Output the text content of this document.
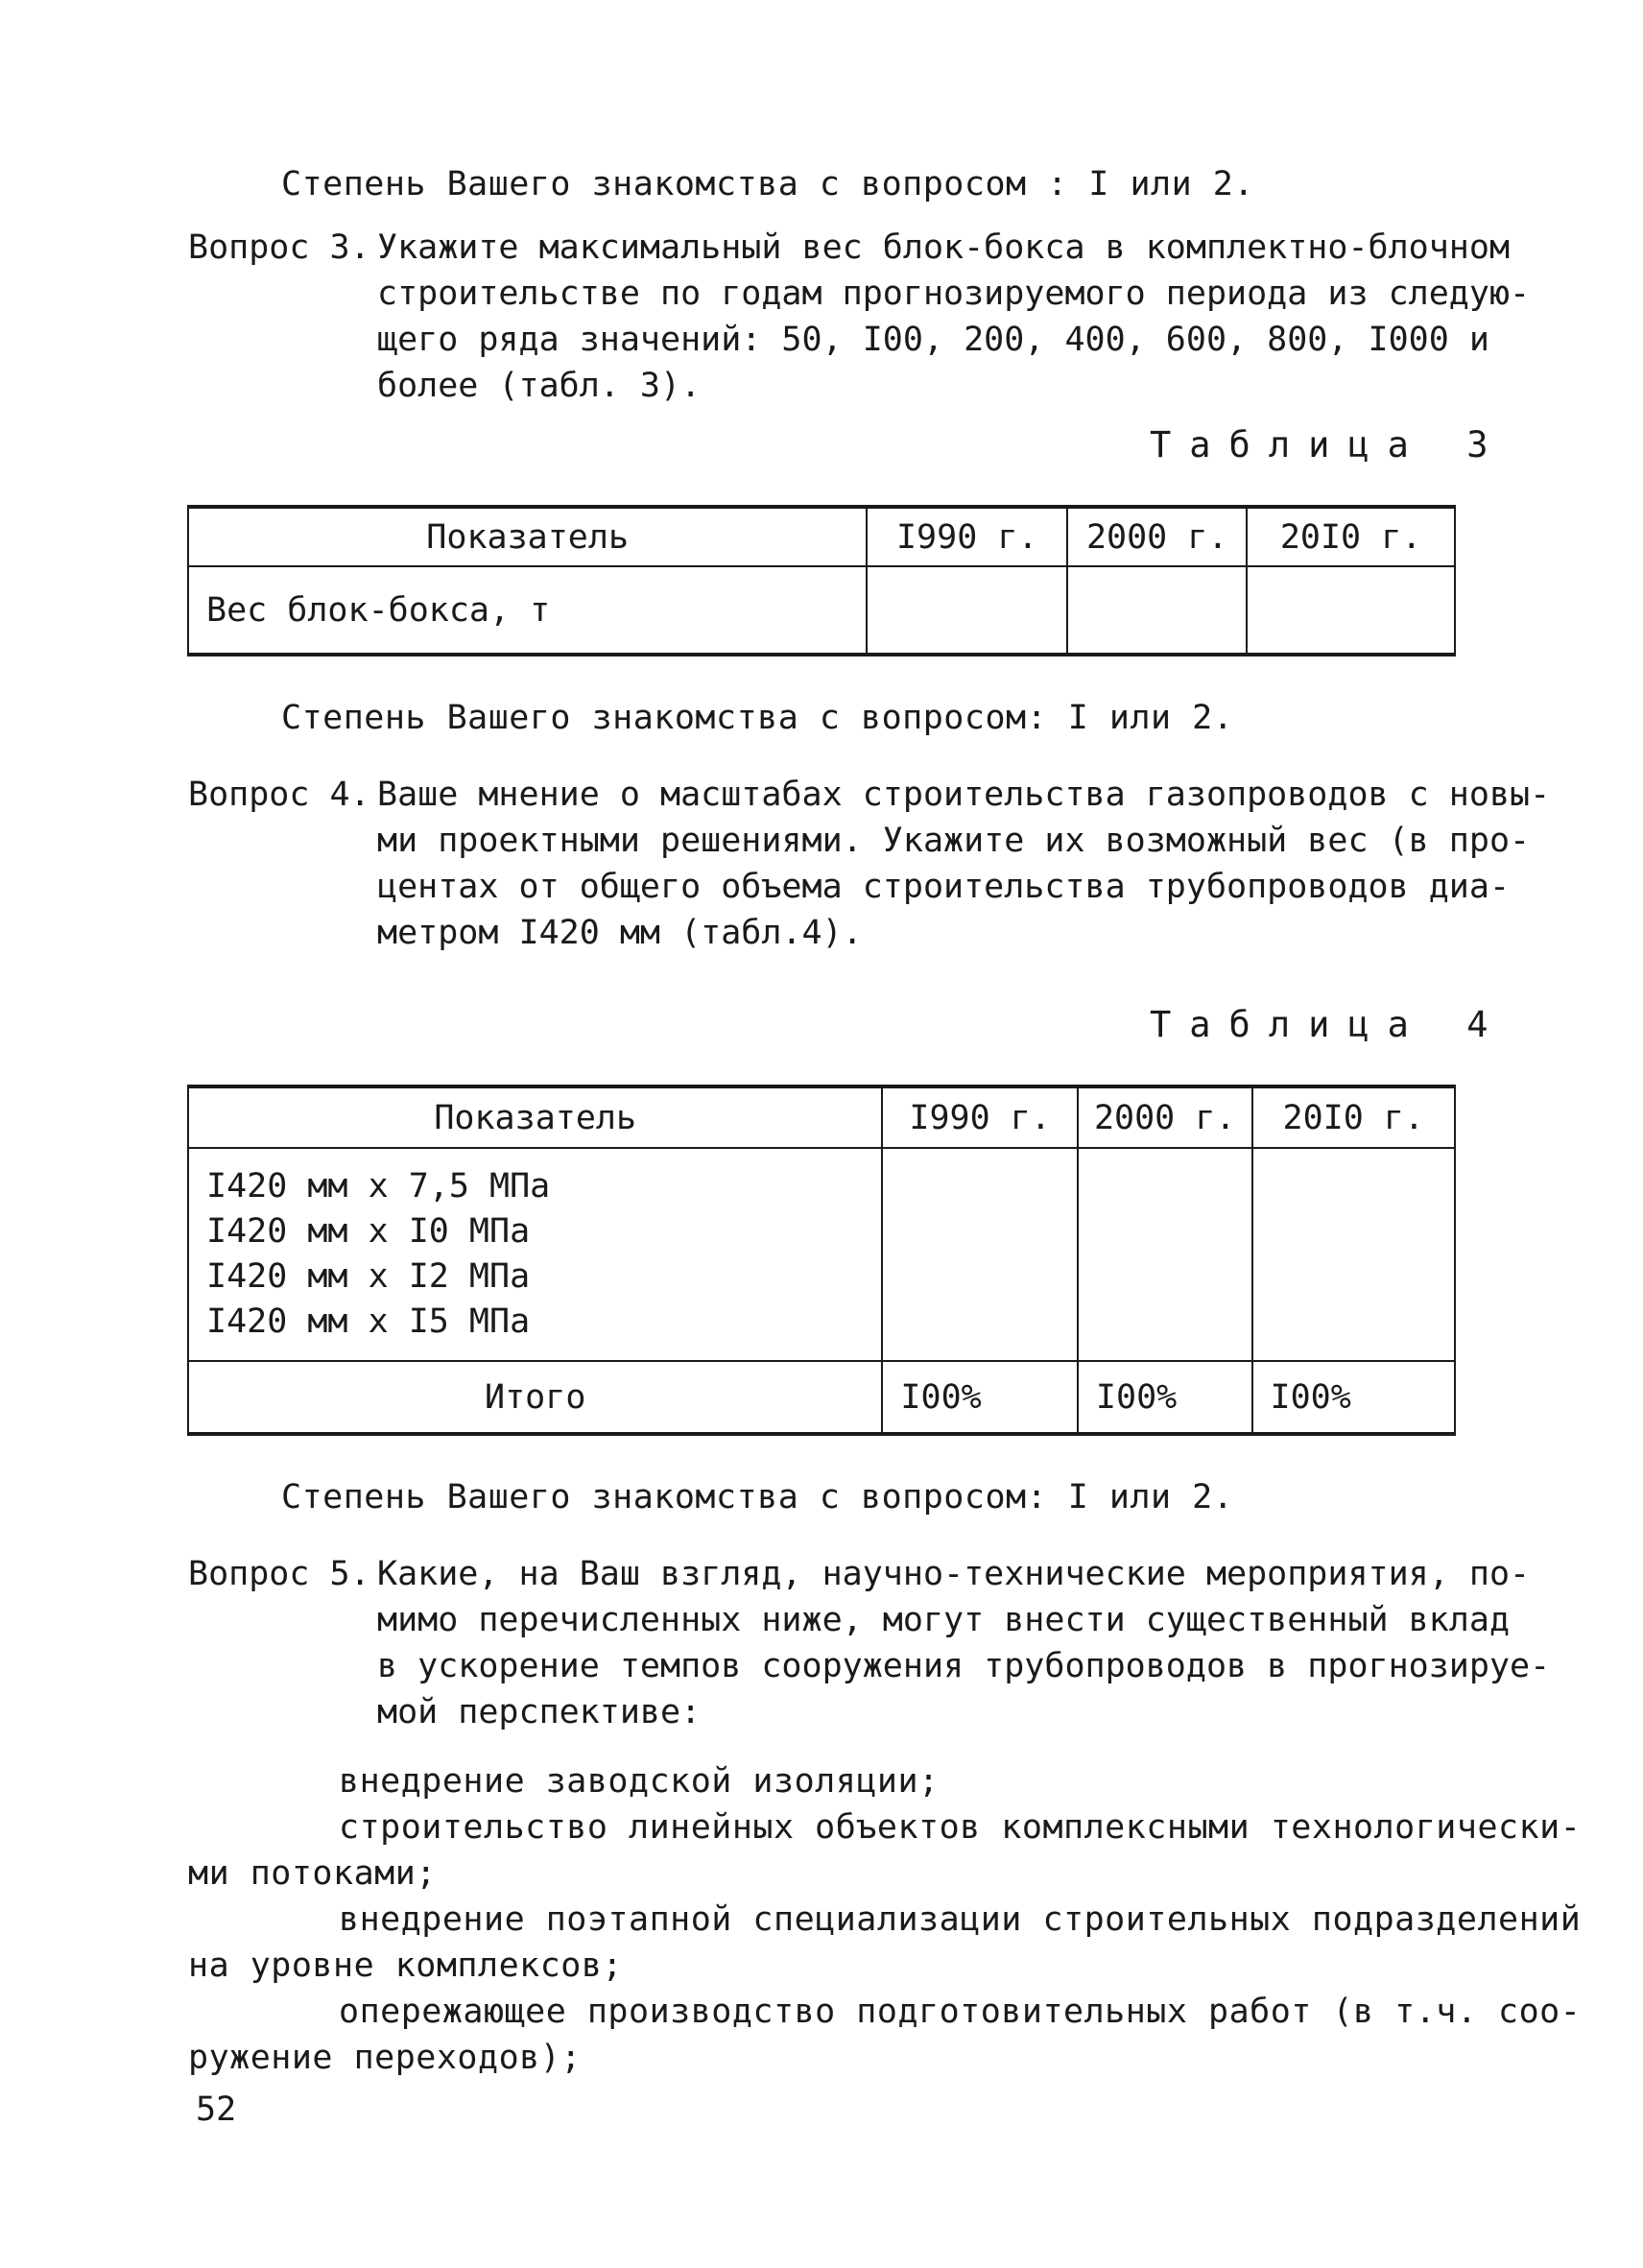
Степень Вашего знакомства с вопросом : I или 2.
Вопрос 3. Укажите максимальный вес блок-бокса в комплектно-блочном
строительстве по годам прогнозируемого периода из следую-
щего ряда значений: 50, I00, 200, 400, 600, 800, I000 и
более (табл. 3).
Таблица 3
Показатель	I990 г.	2000 г.	20I0 г.
Вес блок-бокса, т			
Степень Вашего знакомства с вопросом: I или 2.
Вопрос 4. Ваше мнение о масштабах строительства газопроводов с новы-
ми проектными решениями. Укажите их возможный вес (в про-
центах от общего объема строительства трубопроводов диа-
метром I420 мм (табл.4).
Таблица 4
Показатель	I990 г.	2000 г.	20I0 г.

I420 мм х 7,5 МПа
I420 мм х I0 МПа
I420 мм х I2 МПа
I420 мм х I5 МПа			

Итого	I00%	I00%	I00%
Степень Вашего знакомства с вопросом: I или 2.
Вопрос 5. Какие, на Ваш взгляд, научно-технические мероприятия, по-
мимо перечисленных ниже, могут внести существенный вклад
в ускорение темпов сооружения трубопроводов в прогнозируе-
мой перспективе:
внедрение заводской изоляции;
строительство линейных объектов комплексными технологически-
ми потоками;
внедрение поэтапной специализации строительных подразделений
на уровне комплексов;
опережающее производство подготовительных работ (в т.ч. соо-
ружение переходов);
52
